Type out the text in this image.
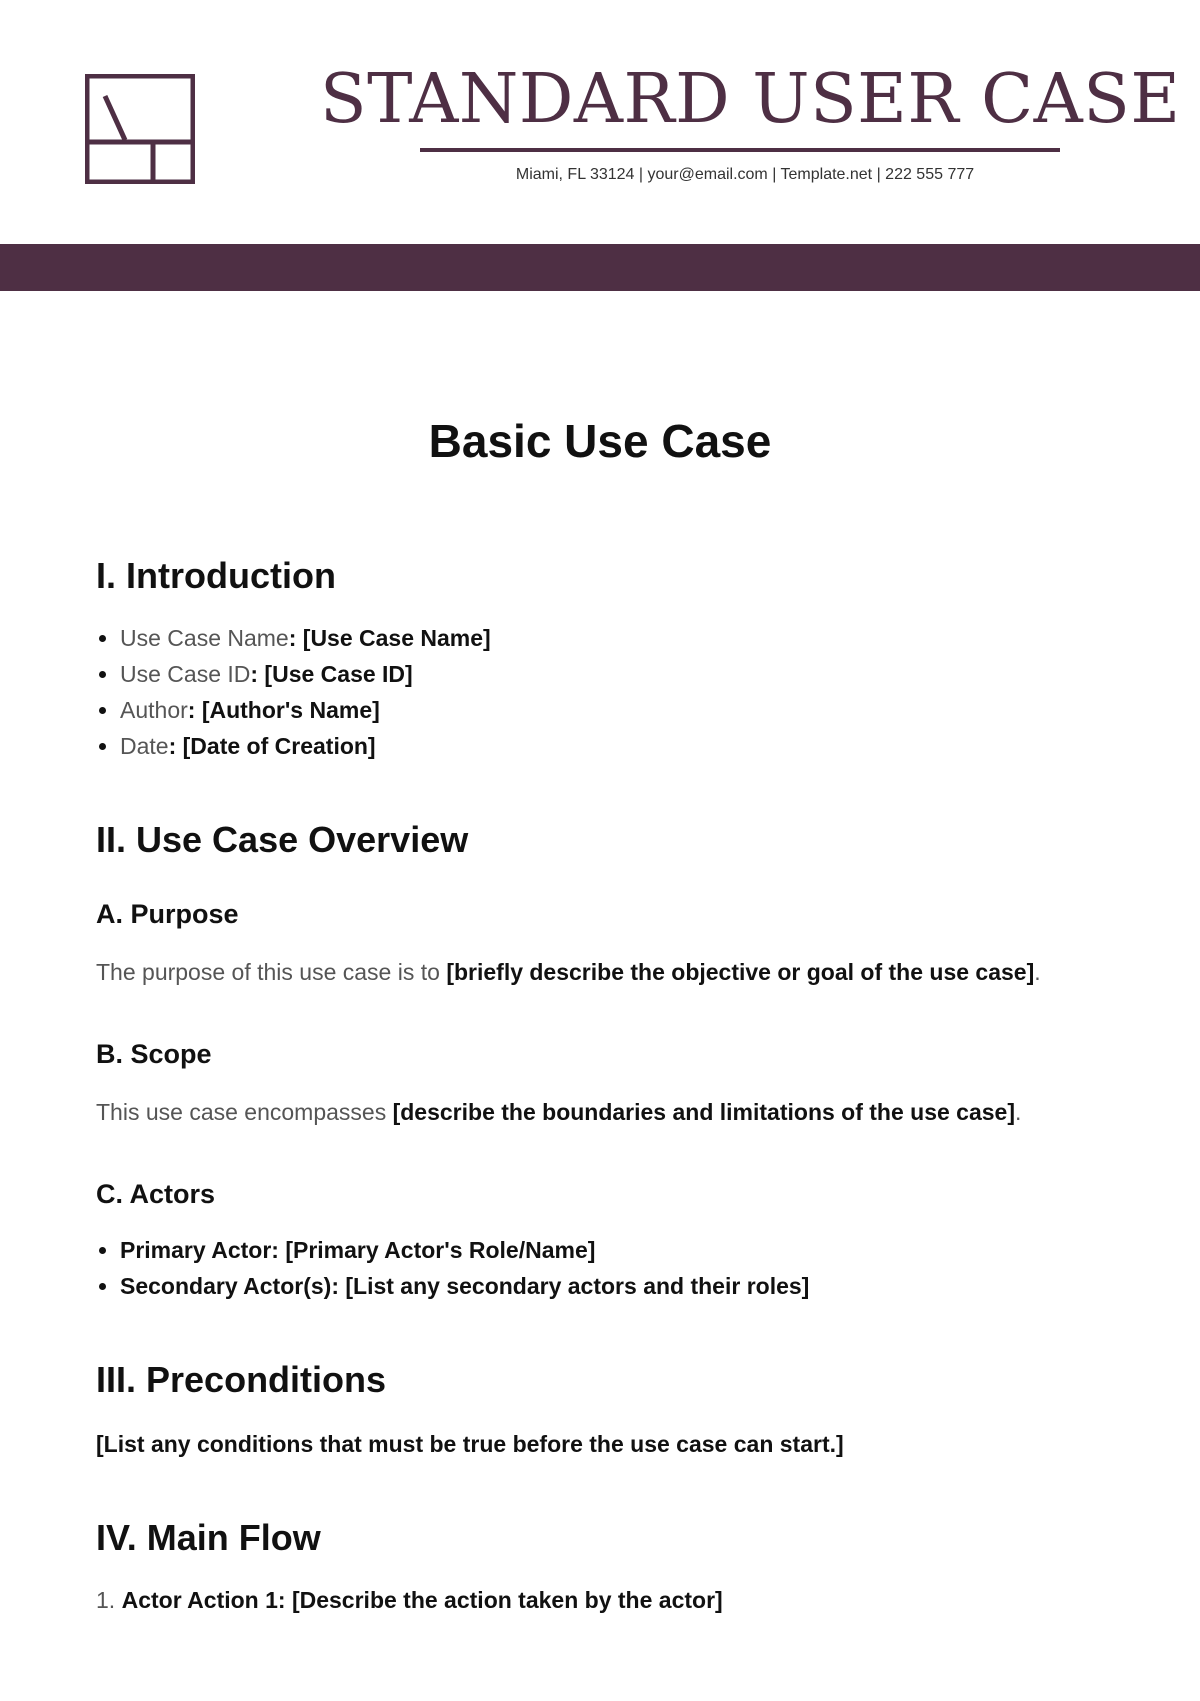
STANDARD USER CASE
Miami, FL 33124 | your@email.com | Template.net | 222 555 777
Basic Use Case
I. Introduction
• Use Case Name: [Use Case Name]
• Use Case ID: [Use Case ID]
• Author: [Author's Name]
• Date: [Date of Creation]
II. Use Case Overview
A. Purpose

The purpose of this use case is to [briefly describe the objective or goal of the use case].

B. Scope

This use case encompasses [describe the boundaries and limitations of the use case].

C. Actors
• Primary Actor: [Primary Actor's Role/Name]
• Secondary Actor(s): [List any secondary actors and their roles]
III. Preconditions

[List any conditions that must be true before the use case can start.]

IV. Main Flow

1. Actor Action 1: [Describe the action taken by the actor]
